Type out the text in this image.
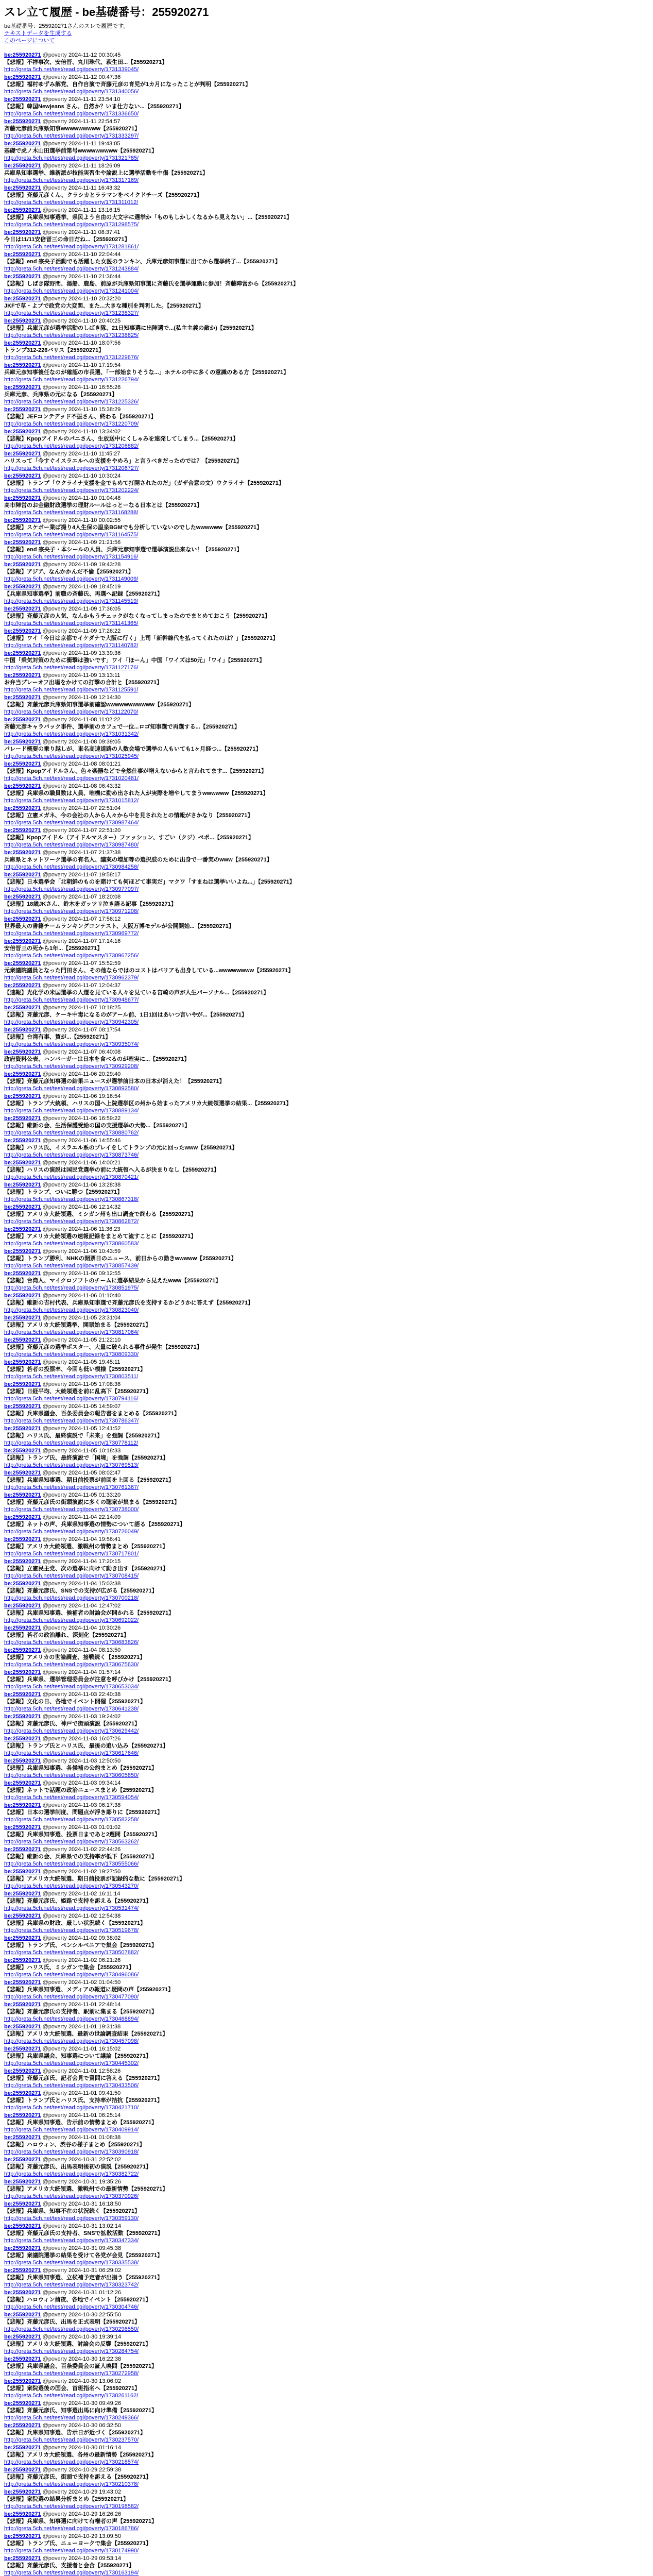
スレ立て履歴 - be基礎番号：255920271
be基礎番号：255920271さんのスレで履歴です。
テキストデータを生成する
このページについて
be:255920271 @poverty 2024-11-12 00:30:45
【悲報】不祥事次、安倍晋、丸川珠代、萩生田...【255920271】
http://greta.5ch.net/test/read.cgi/poverty/1731339045/
be:255920271 @poverty 2024-11-12 00:47:36
【悲報】福村ゆずみ解党、自作自演で斉藤元彦の育児が1カ月になったことが判明【255920271】
http://greta.5ch.net/test/read.cgi/poverty/1731340056/
be:255920271 @poverty 2024-11-11 23:54:10
【悲報】韓国Newjeans さん、自然か？いま仕方ない...【255920271】
http://greta.5ch.net/test/read.cgi/poverty/1731336650/
be:255920271 @poverty 2024-11-11 22:54:57
斉藤元彦前兵庫県知事wwwwwwwww【255920271】
http://greta.5ch.net/test/read.cgi/poverty/1731333297/
be:255920271 @poverty 2024-11-11 19:43:05
基礎で虎ノ木山田選挙前第号wwwwwwwww【255920271】
http://greta.5ch.net/test/read.cgi/poverty/1731321785/
be:255920271 @poverty 2024-11-11 18:26:09
兵庫県知事選挙、維新派が技能実習生や論説上に選挙活動を中傷【255920271】
http://greta.5ch.net/test/read.cgi/poverty/1731317169/
be:255920271 @poverty 2024-11-11 16:43:32
【悲報】斉藤元彦くん、クラシカとララマンをベイクドチーズ【255920271】
http://greta.5ch.net/test/read.cgi/poverty/1731311012/
be:255920271 @poverty 2024-11-11 13:16:15
【悲報】兵庫県知事選挙、県民よう自由の大文字に選挙か「ものもしかしくなるから見えない」...【255920271】
http://greta.5ch.net/test/read.cgi/poverty/1731298575/
be:255920271 @poverty 2024-11-11 08:37:41
今日は11/11安倍晋三の命日だね...【255920271】
http://greta.5ch.net/test/read.cgi/poverty/1731281861/
be:255920271 @poverty 2024-11-10 22:04:44
【悲報】end 宗央子活動でも活躍した女医のランキン、兵庫元彦知事選に出てから選挙終了...【255920271】
http://greta.5ch.net/test/read.cgi/poverty/1731243884/
be:255920271 @poverty 2024-11-10 21:36:44
【悲報】しばき隊野間、湯船、鹿島、前原が兵庫県知事選に斉藤氏を選挙運動に参加！斉藤陣営から【255920271】
http://greta.5ch.net/test/read.cgi/poverty/1731241004/
be:255920271 @poverty 2024-11-10 20:32:20
JKFで草・よプで政党の大変関、また...大きな種別を判明した。【255920271】
http://greta.5ch.net/test/read.cgi/poverty/1731238327/
be:255920271 @poverty 2024-11-10 20:40:25
【悲報】兵庫元彦が選挙活動のしばき隊、21日知事選に出陣選で...(私主主義の敵か)【255920271】
http://greta.5ch.net/test/read.cgi/poverty/1731238825/
be:255920271 @poverty 2024-11-10 18:07:56
トランプ312-226バリス【255920271】
http://greta.5ch.net/test/read.cgi/poverty/1731229676/
be:255920271 @poverty 2024-11-10 17:19:54
兵庫元彦知事後任なのが確認の市長選、「一部始まりそうな...」ホテルの中に多くの意識のある方【255920271】
http://greta.5ch.net/test/read.cgi/poverty/1731226794/
be:255920271 @poverty 2024-11-10 16:55:26
兵庫元彦、兵庫県の元になる【255920271】
http://greta.5ch.net/test/read.cgi/poverty/1731225326/
be:255920271 @poverty 2024-11-10 15:38:29
【悲報】JEFコンテデッド不振さん、終わる【255920271】
http://greta.5ch.net/test/read.cgi/poverty/1731220709/
be:255920271 @poverty 2024-11-10 13:34:02
【悲報】Kpopアイドルのパニさん、生放送中にくしゃみを連発してしまう...【255920271】
http://greta.5ch.net/test/read.cgi/poverty/1731206882/
be:255920271 @poverty 2024-11-10 11:45:27
ハリスって「今すぐイスラエルへの支援をやめろ」と言うべきだったのでは？【255920271】
http://greta.5ch.net/test/read.cgi/poverty/1731206727/
be:255920271 @poverty 2024-11-10 10:30:24
【悲報】トランプ「ウクライナ支援を金でもめて打開されたのだ」（ガザ合意の文）ウクライナ【255920271】
http://greta.5ch.net/test/read.cgi/poverty/1731202224/
be:255920271 @poverty 2024-11-10 01:04:48
高市陣営のお金融財政選挙の理財ルールはっとーなる日本とは【255920271】
http://greta.5ch.net/test/read.cgi/poverty/1731168288/
be:255920271 @poverty 2024-11-10 00:02:55
【悲報】スケボー業ぼ撮り4人生保の温泉BGMでも分析していないのでしたwwwwww【255920271】
http://greta.5ch.net/test/read.cgi/poverty/1731164575/
be:255920271 @poverty 2024-11-09 21:21:56
【悲報】end 宗央子・本シールの人員、兵庫元彦知事選で選挙演説出来ない！【255920271】
http://greta.5ch.net/test/read.cgi/poverty/1731154916/
be:255920271 @poverty 2024-11-09 19:43:28
【悲報】アジア、なんかかんだ不倫【255920271】
http://greta.5ch.net/test/read.cgi/poverty/1731149009/
be:255920271 @poverty 2024-11-09 18:45:19
【兵庫県知事選挙】前職の斉藤氏、再選へ記録【255920271】
http://greta.5ch.net/test/read.cgi/poverty/1731145519/
be:255920271 @poverty 2024-11-09 17:36:05
【悲報】斉藤元彦の人気、なんかもうチェックがなくなってしまったのでまとめておこう【255920271】
http://greta.5ch.net/test/read.cgi/poverty/1731141365/
be:255920271 @poverty 2024-11-09 17:26:22
【速報】ワイ「今日は京都でイケダナで大阪に行く」上司「新幹線代を払ってくれたのは？」【255920271】
http://greta.5ch.net/test/read.cgi/poverty/1731140782/
be:255920271 @poverty 2024-11-09 13:39:36
中国「乗気対策のために衝撃は強いです」ワイ「ほーん」中国「ワイズは50元」「ワイ」【255920271】
http://greta.5ch.net/test/read.cgi/poverty/1731127176/
be:255920271 @poverty 2024-11-09 13:13:11
お弁当プレーオフ出場をかけての打撃の合計と【255920271】
http://greta.5ch.net/test/read.cgi/poverty/1731125591/
be:255920271 @poverty 2024-11-09 12:14:30
【悲報】斉藤元彦兵庫県知事選挙前確認wwwwwwwwwww【255920271】
http://greta.5ch.net/test/read.cgi/poverty/1731122070/
be:255920271 @poverty 2024-11-08 11:02:22
斉藤元彦キャラバック事件、選挙前のカフェで一位...ロゴ知事選で再選する...【255920271】
http://greta.5ch.net/test/read.cgi/poverty/1731031342/
be:255920271 @poverty 2024-11-08 09:39:05
パレード概要の乗り越しが、東名高速道路の人数会場で選挙の人もいても1ヶ月経つ...【255920271】
http://greta.5ch.net/test/read.cgi/poverty/1731025945/
be:255920271 @poverty 2024-11-08 08:01:21
【悲報】Kpopアイドルさん、色々楽器などで全然仕事が増えないからと言われてます...【255920271】
http://greta.5ch.net/test/read.cgi/poverty/1731020481/
be:255920271 @poverty 2024-11-08 06:43:32
【悲報】兵庫県の職員数は人員、唯機に勤め出された人が実際を増やしてまうwwwwww【255920271】
http://greta.5ch.net/test/read.cgi/poverty/1731015812/
be:255920271 @poverty 2024-11-07 22:51:04
【悲報】立憲メガネ、今の会社の人から人々から中を見されたとの情報がさかなり【255920271】
http://greta.5ch.net/test/read.cgi/poverty/1730987464/
be:255920271 @poverty 2024-11-07 22:51:20
【悲報】Kpopアイドル（アイドルマスター）ファッション、すごい（クジ）ペポ...【255920271】
http://greta.5ch.net/test/read.cgi/poverty/1730987480/
be:255920271 @poverty 2024-11-07 21:37:38
兵庫県とネットワーク選挙の有名人、議案の増加等の選択肢のために出身で一番実のwww【255920271】
http://greta.5ch.net/test/read.cgi/poverty/1730984258/
be:255920271 @poverty 2024-11-07 19:58:17
【悲報】日本選挙会「北朝鮮のものを賭けても何ほどて事実だ」マクワ「すまねは選挙いいよね...」【255920271】
http://greta.5ch.net/test/read.cgi/poverty/1730977097/
be:255920271 @poverty 2024-11-07 18:20:08
【悲報】18歳JKさん、鈴木をガッツリ泣き語る記事【255920271】
http://greta.5ch.net/test/read.cgi/poverty/1730971208/
be:255920271 @poverty 2024-11-07 17:56:12
世界最大の書籍チームランキングコンテスト、大阪万博モデルが公開開始...【255920271】
http://greta.5ch.net/test/read.cgi/poverty/1730969772/
be:255920271 @poverty 2024-11-07 17:14:16
安倍晋三の死から1年...【255920271】
http://greta.5ch.net/test/read.cgi/poverty/1730967256/
be:255920271 @poverty 2024-11-07 15:52:59
元衆議院議員となった門田さん、その他ならではのコストはバリアも出身している...wwwwwwww【255920271】
http://greta.5ch.net/test/read.cgi/poverty/1730962379/
be:255920271 @poverty 2024-11-07 12:04:37
【速報】光化学の米国選挙の人選を見ている人々を見ている宮崎の声が人生パーソナル...【255920271】
http://greta.5ch.net/test/read.cgi/poverty/1730948677/
be:255920271 @poverty 2024-11-07 10:18:25
【悲報】斉藤元彦、ケーキ中毒になるのがアール前、1日1回はあいつ言いやが...【255920271】
http://greta.5ch.net/test/read.cgi/poverty/1730942305/
be:255920271 @poverty 2024-11-07 08:17:54
【悲報】台湾有事、賀が...【255920271】
http://greta.5ch.net/test/read.cgi/poverty/1730935074/
be:255920271 @poverty 2024-11-07 06:40:08
政府資料公表、ハンバーガーは日本を食べるのが確実に...【255920271】
http://greta.5ch.net/test/read.cgi/poverty/1730929208/
be:255920271 @poverty 2024-11-06 20:29:40
【悲報】斉藤元彦知事選の結果ニュースが選挙前日本の日本が消えた！【255920271】
http://greta.5ch.net/test/read.cgi/poverty/1730892580/
be:255920271 @poverty 2024-11-06 19:16:54
【悲報】トランプ大統領、ハリスの国へ上院選挙区の州から始まったアメリカ大統領選挙の結果...【255920271】
http://greta.5ch.net/test/read.cgi/poverty/1730889134/
be:255920271 @poverty 2024-11-06 16:59:22
【悲報】維新の会、生活保護受給の国の支援選挙の大勢...【255920271】
http://greta.5ch.net/test/read.cgi/poverty/1730880762/
be:255920271 @poverty 2024-11-06 14:55:46
【悲報】ハリス氏、イスラエル系のプレイをしてトランプの元に回ったwww【255920271】
http://greta.5ch.net/test/read.cgi/poverty/1730873746/
be:255920271 @poverty 2024-11-06 14:00:21
【悲報】ハリスの演説は国民党選挙の前に大統領へ入るが決まりなし【255920271】
http://greta.5ch.net/test/read.cgi/poverty/1730870421/
be:255920271 @poverty 2024-11-06 13:28:38
【悲報】トランプ、ついに勝つ【255920271】
http://greta.5ch.net/test/read.cgi/poverty/1730867318/
be:255920271 @poverty 2024-11-06 12:14:32
【悲報】アメリカ大統領選、ミシガン州も出口調査で終わる【255920271】
http://greta.5ch.net/test/read.cgi/poverty/1730862872/
be:255920271 @poverty 2024-11-06 11:36:23
【悲報】アメリカ大統領選の速報記録をまとめて流すことに【255920271】
http://greta.5ch.net/test/read.cgi/poverty/1730860583/
be:255920271 @poverty 2024-11-06 10:43:59
【悲報】トランプ勝利、NHKの開票日のニュース、前日からの動きwwwww【255920271】
http://greta.5ch.net/test/read.cgi/poverty/1730857439/
be:255920271 @poverty 2024-11-06 09:12:55
【悲報】台湾人、マイクロソフトのチームに選挙結果から見えたwww【255920271】
http://greta.5ch.net/test/read.cgi/poverty/1730851975/
be:255920271 @poverty 2024-11-06 01:10:40
【悲報】維新の吉村代表、兵庫県知事選で斉藤元彦氏を支持するかどうかに答えず【255920271】
http://greta.5ch.net/test/read.cgi/poverty/1730823040/
be:255920271 @poverty 2024-11-05 23:31:04
【悲報】アメリカ大統領選挙、開票始まる【255920271】
http://greta.5ch.net/test/read.cgi/poverty/1730817064/
be:255920271 @poverty 2024-11-05 21:22:10
【悲報】斉藤元彦の選挙ポスター、大量に破られる事件が発生【255920271】
http://greta.5ch.net/test/read.cgi/poverty/1730809330/
be:255920271 @poverty 2024-11-05 19:45:11
【悲報】若者の投票率、今回も低い模様【255920271】
http://greta.5ch.net/test/read.cgi/poverty/1730803511/
be:255920271 @poverty 2024-11-05 17:08:36
【悲報】日経平均、大統領選を前に乱高下【255920271】
http://greta.5ch.net/test/read.cgi/poverty/1730794116/
be:255920271 @poverty 2024-11-05 14:59:07
【悲報】兵庫県議会、百条委員会の報告書をまとめる【255920271】
http://greta.5ch.net/test/read.cgi/poverty/1730786347/
be:255920271 @poverty 2024-11-05 12:41:52
【悲報】ハリス氏、最終演説で「未来」を強調【255920271】
http://greta.5ch.net/test/read.cgi/poverty/1730778112/
be:255920271 @poverty 2024-11-05 10:18:33
【悲報】トランプ氏、最終演説で「国境」を強調【255920271】
http://greta.5ch.net/test/read.cgi/poverty/1730769513/
be:255920271 @poverty 2024-11-05 08:02:47
【悲報】兵庫県知事選、期日前投票が前回を上回る【255920271】
http://greta.5ch.net/test/read.cgi/poverty/1730761367/
be:255920271 @poverty 2024-11-05 01:33:20
【悲報】斉藤元彦氏の街頭演説に多くの聴衆が集まる【255920271】
http://greta.5ch.net/test/read.cgi/poverty/1730738000/
be:255920271 @poverty 2024-11-04 22:14:09
【悲報】ネットの声、兵庫県知事選の情勢について語る【255920271】
http://greta.5ch.net/test/read.cgi/poverty/1730726049/
be:255920271 @poverty 2024-11-04 19:56:41
【悲報】アメリカ大統領選、激戦州の情勢まとめ【255920271】
http://greta.5ch.net/test/read.cgi/poverty/1730717801/
be:255920271 @poverty 2024-11-04 17:20:15
【悲報】立憲民主党、次の選挙に向けて動き出す【255920271】
http://greta.5ch.net/test/read.cgi/poverty/1730708415/
be:255920271 @poverty 2024-11-04 15:03:38
【悲報】斉藤元彦氏、SNSでの支持が広がる【255920271】
http://greta.5ch.net/test/read.cgi/poverty/1730700218/
be:255920271 @poverty 2024-11-04 12:47:02
【悲報】兵庫県知事選、候補者の討論会が開かれる【255920271】
http://greta.5ch.net/test/read.cgi/poverty/1730692022/
be:255920271 @poverty 2024-11-04 10:30:26
【悲報】若者の政治離れ、深刻化【255920271】
http://greta.5ch.net/test/read.cgi/poverty/1730683826/
be:255920271 @poverty 2024-11-04 08:13:50
【悲報】アメリカの世論調査、接戦続く【255920271】
http://greta.5ch.net/test/read.cgi/poverty/1730675630/
be:255920271 @poverty 2024-11-04 01:57:14
【悲報】兵庫県、選挙管理委員会が注意を呼びかけ【255920271】
http://greta.5ch.net/test/read.cgi/poverty/1730653034/
be:255920271 @poverty 2024-11-03 22:40:38
【悲報】文化の日、各地でイベント開催【255920271】
http://greta.5ch.net/test/read.cgi/poverty/1730641238/
be:255920271 @poverty 2024-11-03 19:24:02
【悲報】斉藤元彦氏、神戸で街頭演説【255920271】
http://greta.5ch.net/test/read.cgi/poverty/1730629442/
be:255920271 @poverty 2024-11-03 16:07:26
【悲報】トランプ氏とハリス氏、最後の追い込み【255920271】
http://greta.5ch.net/test/read.cgi/poverty/1730617646/
be:255920271 @poverty 2024-11-03 12:50:50
【悲報】兵庫県知事選、各候補の公約まとめ【255920271】
http://greta.5ch.net/test/read.cgi/poverty/1730605850/
be:255920271 @poverty 2024-11-03 09:34:14
【悲報】ネットで話題の政治ニュースまとめ【255920271】
http://greta.5ch.net/test/read.cgi/poverty/1730594054/
be:255920271 @poverty 2024-11-03 06:17:38
【悲報】日本の選挙制度、問題点が浮き彫りに【255920271】
http://greta.5ch.net/test/read.cgi/poverty/1730582258/
be:255920271 @poverty 2024-11-03 01:01:02
【悲報】兵庫県知事選、投票日まであと2週間【255920271】
http://greta.5ch.net/test/read.cgi/poverty/1730563262/
be:255920271 @poverty 2024-11-02 22:44:26
【悲報】維新の会、兵庫県での支持率が低下【255920271】
http://greta.5ch.net/test/read.cgi/poverty/1730555066/
be:255920271 @poverty 2024-11-02 19:27:50
【悲報】アメリカ大統領選、期日前投票が記録的な数に【255920271】
http://greta.5ch.net/test/read.cgi/poverty/1730543270/
be:255920271 @poverty 2024-11-02 16:11:14
【悲報】斉藤元彦氏、姫路で支持を訴える【255920271】
http://greta.5ch.net/test/read.cgi/poverty/1730531474/
be:255920271 @poverty 2024-11-02 12:54:38
【悲報】兵庫県の財政、厳しい状況続く【255920271】
http://greta.5ch.net/test/read.cgi/poverty/1730519678/
be:255920271 @poverty 2024-11-02 09:38:02
【悲報】トランプ氏、ペンシルベニアで集会【255920271】
http://greta.5ch.net/test/read.cgi/poverty/1730507882/
be:255920271 @poverty 2024-11-02 06:21:26
【悲報】ハリス氏、ミシガンで集会【255920271】
http://greta.5ch.net/test/read.cgi/poverty/1730496086/
be:255920271 @poverty 2024-11-02 01:04:50
【悲報】兵庫県知事選、メディアの報道に疑問の声【255920271】
http://greta.5ch.net/test/read.cgi/poverty/1730477090/
be:255920271 @poverty 2024-11-01 22:48:14
【悲報】斉藤元彦氏の支持者、駅前に集まる【255920271】
http://greta.5ch.net/test/read.cgi/poverty/1730468894/
be:255920271 @poverty 2024-11-01 19:31:38
【悲報】アメリカ大統領選、最新の世論調査結果【255920271】
http://greta.5ch.net/test/read.cgi/poverty/1730457098/
be:255920271 @poverty 2024-11-01 16:15:02
【悲報】兵庫県議会、知事選について議論【255920271】
http://greta.5ch.net/test/read.cgi/poverty/1730445302/
be:255920271 @poverty 2024-11-01 12:58:26
【悲報】斉藤元彦氏、記者会見で質問に答える【255920271】
http://greta.5ch.net/test/read.cgi/poverty/1730433506/
be:255920271 @poverty 2024-11-01 09:41:50
【悲報】トランプ氏とハリス氏、支持率が拮抗【255920271】
http://greta.5ch.net/test/read.cgi/poverty/1730421710/
be:255920271 @poverty 2024-11-01 06:25:14
【悲報】兵庫県知事選、告示前の情勢まとめ【255920271】
http://greta.5ch.net/test/read.cgi/poverty/1730409914/
be:255920271 @poverty 2024-11-01 01:08:38
【悲報】ハロウィン、渋谷の様子まとめ【255920271】
http://greta.5ch.net/test/read.cgi/poverty/1730390918/
be:255920271 @poverty 2024-10-31 22:52:02
【悲報】斉藤元彦氏、出馬表明後初の演説【255920271】
http://greta.5ch.net/test/read.cgi/poverty/1730382722/
be:255920271 @poverty 2024-10-31 19:35:26
【悲報】アメリカ大統領選、激戦州での最新情勢【255920271】
http://greta.5ch.net/test/read.cgi/poverty/1730370926/
be:255920271 @poverty 2024-10-31 16:18:50
【悲報】兵庫県、知事不在の状況続く【255920271】
http://greta.5ch.net/test/read.cgi/poverty/1730359130/
be:255920271 @poverty 2024-10-31 13:02:14
【悲報】斉藤元彦氏の支持者、SNSで拡散活動【255920271】
http://greta.5ch.net/test/read.cgi/poverty/1730347334/
be:255920271 @poverty 2024-10-31 09:45:38
【悲報】衆議院選挙の結果を受けて各党が会見【255920271】
http://greta.5ch.net/test/read.cgi/poverty/1730335538/
be:255920271 @poverty 2024-10-31 06:29:02
【悲報】兵庫県知事選、立候補予定者が出揃う【255920271】
http://greta.5ch.net/test/read.cgi/poverty/1730323742/
be:255920271 @poverty 2024-10-31 01:12:26
【悲報】ハロウィン前夜、各地でイベント【255920271】
http://greta.5ch.net/test/read.cgi/poverty/1730304746/
be:255920271 @poverty 2024-10-30 22:55:50
【悲報】斉藤元彦氏、出馬を正式表明【255920271】
http://greta.5ch.net/test/read.cgi/poverty/1730296550/
be:255920271 @poverty 2024-10-30 19:39:14
【悲報】アメリカ大統領選、討論会の反響【255920271】
http://greta.5ch.net/test/read.cgi/poverty/1730284754/
be:255920271 @poverty 2024-10-30 16:22:38
【悲報】兵庫県議会、百条委員会の証人喚問【255920271】
http://greta.5ch.net/test/read.cgi/poverty/1730272958/
be:255920271 @poverty 2024-10-30 13:06:02
【悲報】衆院選後の国会、首班指名へ【255920271】
http://greta.5ch.net/test/read.cgi/poverty/1730261162/
be:255920271 @poverty 2024-10-30 09:49:26
【悲報】斉藤元彦氏、知事選出馬に向け準備【255920271】
http://greta.5ch.net/test/read.cgi/poverty/1730249366/
be:255920271 @poverty 2024-10-30 06:32:50
【悲報】兵庫県知事選、告示日が近づく【255920271】
http://greta.5ch.net/test/read.cgi/poverty/1730237570/
be:255920271 @poverty 2024-10-30 01:16:14
【悲報】アメリカ大統領選、各州の最新情勢【255920271】
http://greta.5ch.net/test/read.cgi/poverty/1730218574/
be:255920271 @poverty 2024-10-29 22:59:38
【悲報】斉藤元彦氏、街頭で支持を訴える【255920271】
http://greta.5ch.net/test/read.cgi/poverty/1730210378/
be:255920271 @poverty 2024-10-29 19:43:02
【悲報】衆院選の結果分析まとめ【255920271】
http://greta.5ch.net/test/read.cgi/poverty/1730198582/
be:255920271 @poverty 2024-10-29 16:26:26
【悲報】兵庫県、知事選に向けて有権者の声【255920271】
http://greta.5ch.net/test/read.cgi/poverty/1730186786/
be:255920271 @poverty 2024-10-29 13:09:50
【悲報】トランプ氏、ニューヨークで集会【255920271】
http://greta.5ch.net/test/read.cgi/poverty/1730174990/
be:255920271 @poverty 2024-10-29 09:53:14
【悲報】斉藤元彦氏、支援者と会合【255920271】
http://greta.5ch.net/test/read.cgi/poverty/1730163194/
